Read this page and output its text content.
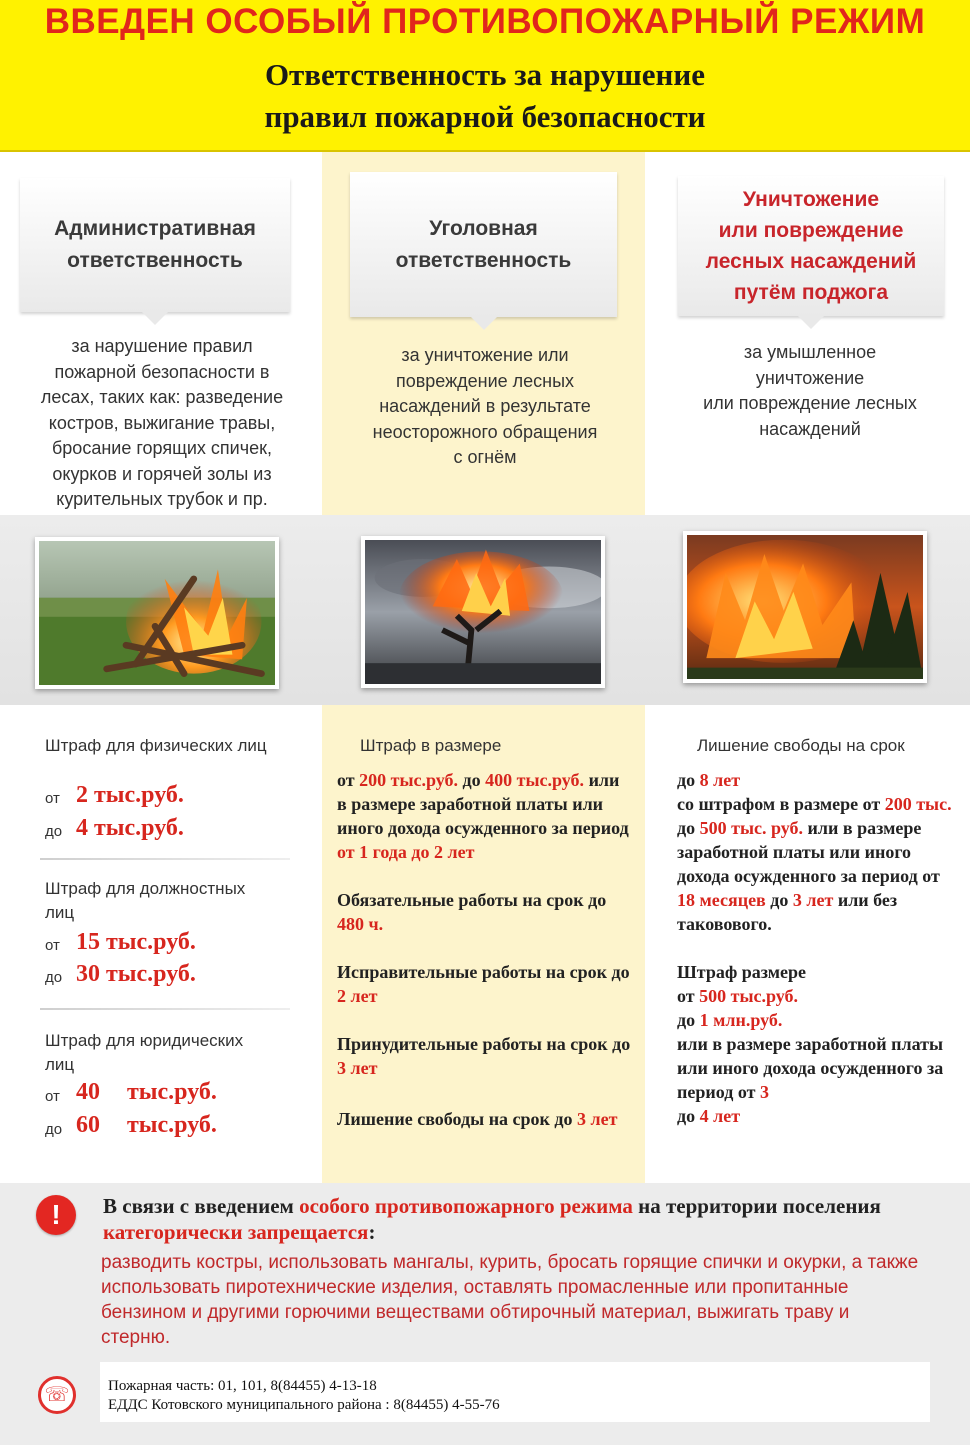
ВВЕДЕН ОСОБЫЙ ПРОТИВОПОЖАРНЫЙ РЕЖИМ
Ответственность за нарушение
правил пожарной безопасности
Административная
ответственность
Уголовная
ответственность
Уничтожение
или повреждение
лесных насаждений
путём поджога
за нарушение правил
пожарной безопасности в
лесах, таких как: разведение
костров, выжигание травы,
бросание горящих спичек,
окурков и горячей золы из
курительных трубок и пр.
за уничтожение или
повреждение лесных
насаждений в результате
неосторожного обращения
с огнём
за умышленное
уничтожение
или повреждение лесных
насаждений
Штраф для физических лиц
от 2 тыс.руб.
до 4 тыс.руб.
Штраф для должностных
лиц
от 15 тыс.руб.
до 30 тыс.руб.
Штраф для юридических
лиц
от 40 тыс.руб.
до 60 тыс.руб.
Штраф в размере
от 200 тыс.руб. до 400 тыс.руб. или в размере заработной платы или иного дохода осужденного за период от 1 года до 2 лет
Обязательные работы на срок до 480 ч.
Исправительные работы на срок до 2 лет
Принудительные работы на срок до 3 лет
Лишение свободы на срок до 3 лет
Лишение свободы на срок
до 8 лет
со штрафом в размере от 200 тыс. до 500 тыс. руб. или в размере заработной платы или иного дохода осужденного за период от 18 месяцев до 3 лет или без таковового.
Штраф размере
от 500 тыс.руб.
до 1 млн.руб.
или в размере заработной платы или иного дохода осужденного за период от 3
до 4 лет
!	В связи с введением особого противопожарного режима на территории поселения категорически запрещается:
разводить костры, использовать мангалы, курить, бросать горящие спички и окурки, а также использовать пиротехнические изделия, оставлять промасленные или пропитанные бензином и другими горючими веществами обтирочный материал, выжигать траву и стерню.
☏	Пожарная часть: 01, 101, 8(84455) 4-13-18
ЕДДС Котовского муниципального района : 8(84455) 4-55-76
